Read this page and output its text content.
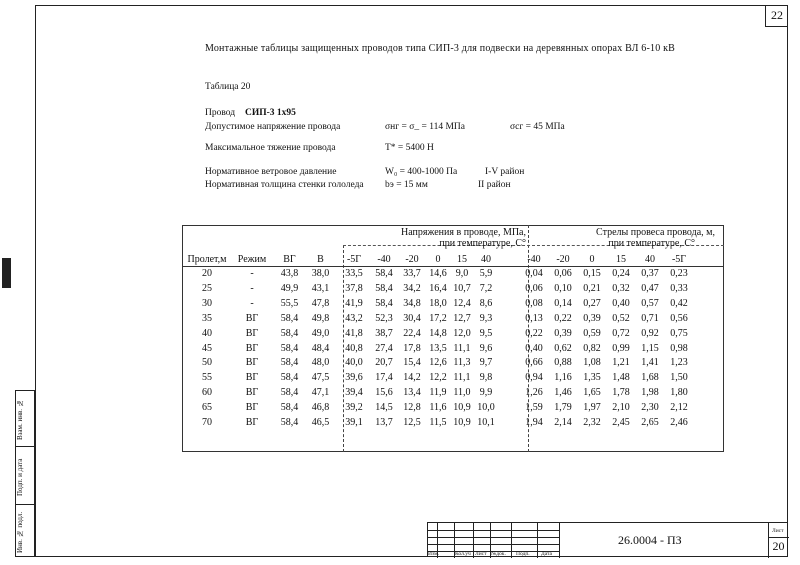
22
Взам. инв. №
Подп. и дата
Инв. № подл.
Монтажные таблицы защищенных проводов типа СИП-3 для подвески на деревянных опорах ВЛ 6-10 кВ
Таблица 20
Провод СИП-3 1х95
Допустимое напряжение провода	σнг = σ_ = 114 МПа	σсг = 45 МПа
Максимальное тяжение провода	Т* = 5400 Н
Нормативное ветровое давление	W₀ = 400-1000 Па	I-V район
Нормативная толщина стенки гололеда bэ = 15 мм	II район
Напряжения в проводе, МПа,
при температуре, C°
Стрелы провеса провода, м,
при температуре, C°
Пролет,м	Режим	ВГ	В	-5Г	-40	-20	0	15	40	-40	-20	0	15	40	-5Г
20	-	43,8	38,0	33,5	58,4	33,7 14,6 9,0	5,9	0,04	0,06	0,15	0,24	0,37	0,23
25	-	49,9	43,1	37,8	58,4	34,2 16,4 10,7 7,2	0,06	0,10	0,21	0,32	0,47	0,33
30	-	55,5	47,8	41,9	58,4	34,8 18,0 12,4 8,6	0,08	0,14	0,27	0,40	0,57	0,42
35	ВГ	58,4	49,8	43,2	52,3	30,4 17,2 12,7 9,3	0,13	0,22	0,39	0,52	0,71	0,56
40	ВГ	58,4	49,0	41,8	38,7	22,4 14,8 12,0 9,5	0,22	0,39	0,59	0,72	0,92	0,75
45	ВГ	58,4	48,4	40,8	27,4	17,8 13,5 11,1 9,6	0,40	0,62	0,82	0,99	1,15	0,98
50	ВГ	58,4	48,0	40,0	20,7	15,4 12,6 11,3 9,7	0,66	0,88	1,08	1,21	1,41	1,23
55	ВГ	58,4	47,5	39,6	17,4	14,2 12,2 11,1 9,8	0,94	1,16	1,35	1,48	1,68	1,50
60	ВГ	58,4	47,1	39,4	15,6	13,4 11,9 11,0 9,9	1,26	1,46	1,65	1,78	1,98	1,80
65	ВГ	58,4	46,8	39,2	14,5	12,8 11,6 10,9 10,0	1,59	1,79	1,97	2,10	2,30	2,12
70	ВГ	58,4	46,5	39,1	13,7	12,5 11,5 10,9 10,1	1,94	2,14	2,32	2,45	2,65	2,46
Изм.	Кол.уч Лист №док. Подп. Дата
Лист
26.0004 - ПЗ	20
